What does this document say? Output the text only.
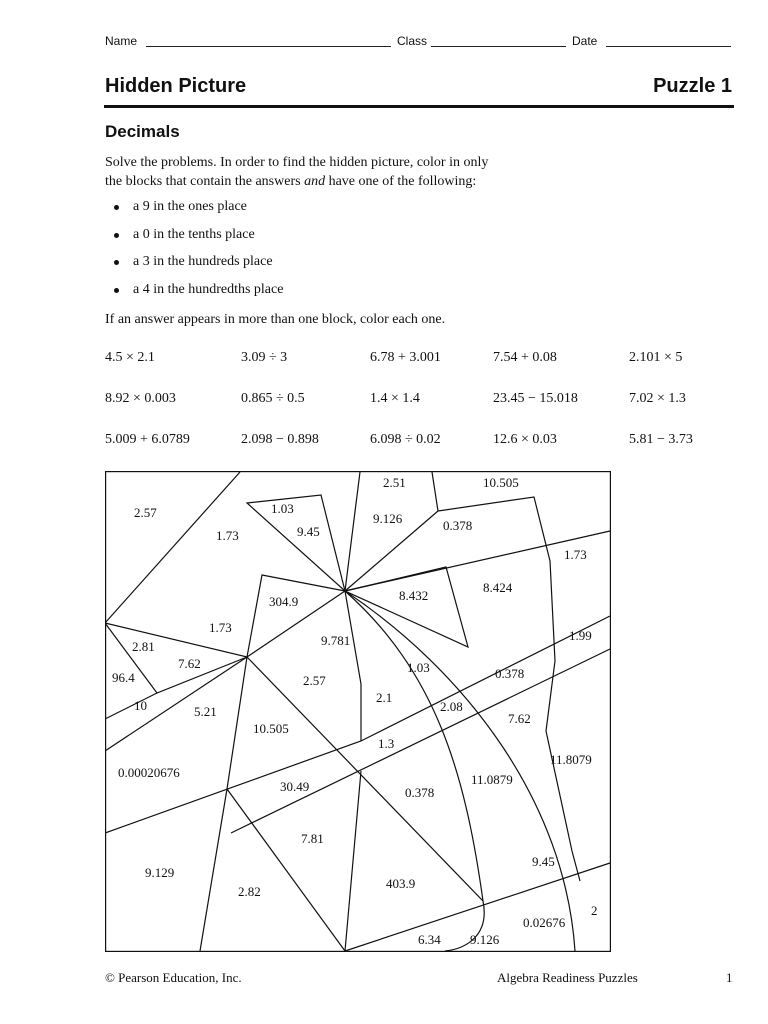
Name	Class	Date
Hidden Picture	Puzzle 1
Decimals
Solve the problems. In order to find the hidden picture, color in only
the blocks that contain the answers and have one of the following:
a 9 in the ones place
a 0 in the tenths place
a 3 in the hundreds place
a 4 in the hundredths place
If an answer appears in more than one block, color each one.
4.5 × 2.1	3.09 ÷ 3	6.78 + 3.001	7.54 + 0.08	2.101 × 5
8.92 × 0.003	0.865 ÷ 0.5	1.4 × 1.4	23.45 − 15.018	7.02 × 1.3
5.009 + 6.0789	2.098 − 0.898	6.098 ÷ 0.02	12.6 × 0.03	5.81 − 3.73
2.51	10.505
2.57	1.03
9.45
9.126	0.378
1.73
1.73
304.9	8.432
8.424
1.73
9.781	1.99
2.81
7.62	1.03	0.378
96.4	2.57
2.1
10	5.21
10.505
2.08
7.62
1.3
11.8079
0.00020676	11.0879
30.49	0.378
7.81
9.45
9.129
403.9
2.82
2
0.02676
6.34 9.126
© Pearson Education, Inc.	Algebra Readiness Puzzles	1
